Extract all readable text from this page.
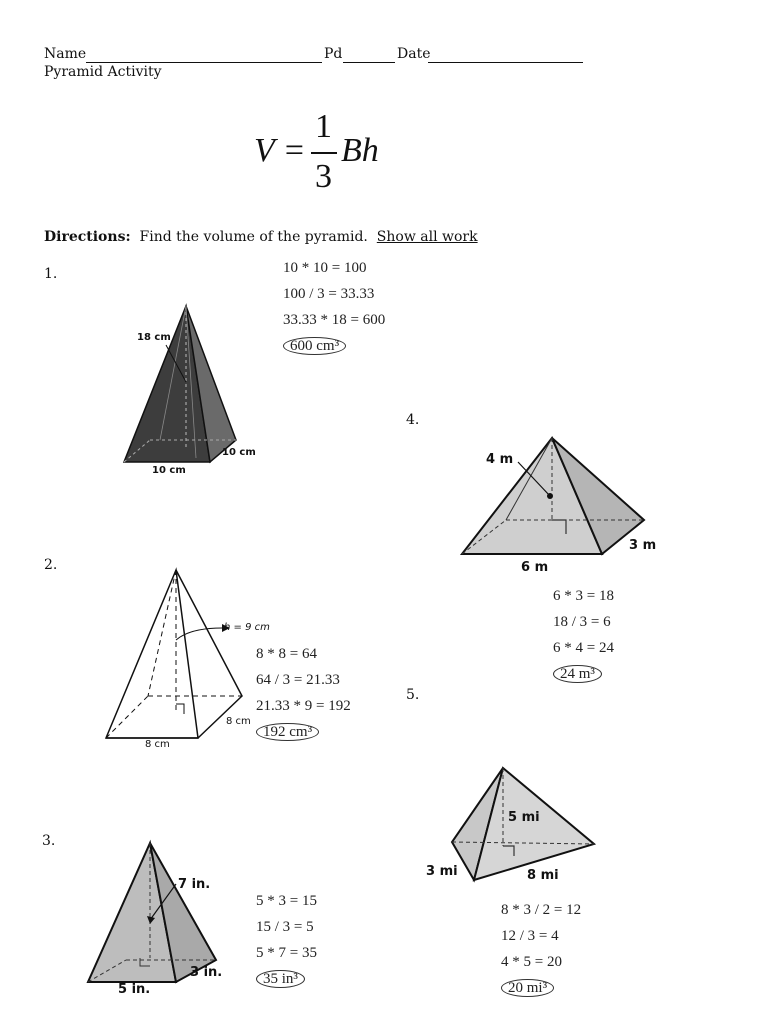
Name	Pd	Date
Pyramid Activity
V =
1
3
Bh
Directions: Find the volume of the pyramid. Show all work
1.
18 cm
10 cm
10 cm
10 * 10 = 100
100 / 3 = 33.33
33.33 * 18 = 600
600 cm³
4.
4 m
3 m
6 m
6 * 3 = 18
18 / 3 = 6
6 * 4 = 24
24 m³
2.
h = 9 cm
8 cm
8 cm
8 * 8 = 64
64 / 3 = 21.33
21.33 * 9 = 192
192 cm³
5.
5 mi
3 mi	8 mi
8 * 3 / 2 = 12
12 / 3 = 4
4 * 5 = 20
20 mi³
3.
7 in.
3 in.
5 in.
5 * 3 = 15
15 / 3 = 5
5 * 7 = 35
35 in³
